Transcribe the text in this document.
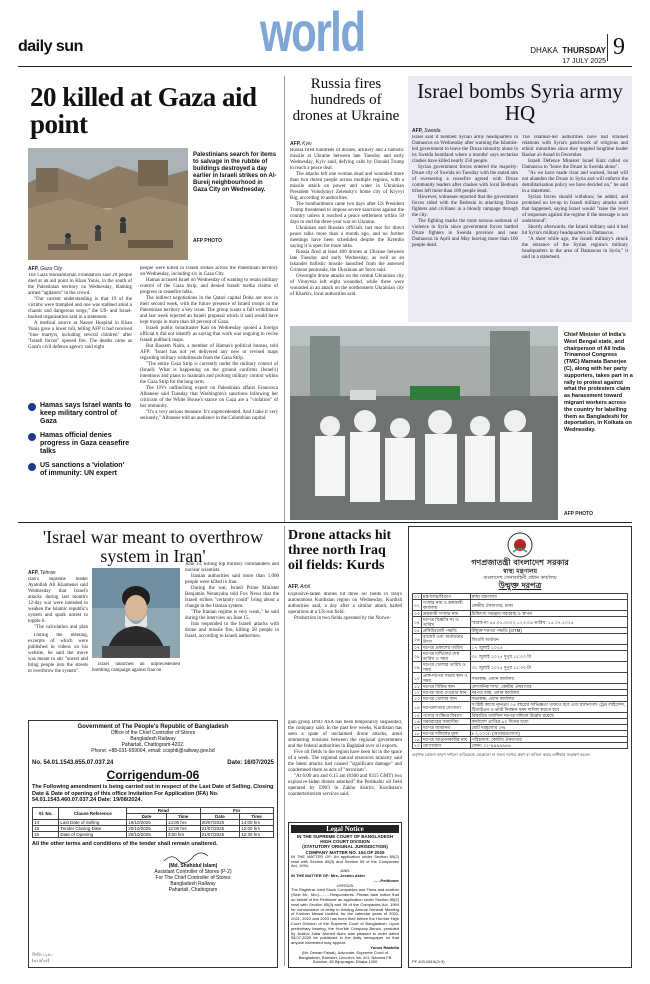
daily sun	world	DHAKA THURSDAY
17 JULY 2025
9
20 killed at Gaza aid point
Palestinians search for items to salvage in the rubble of buildings destroyed a day earlier in Israeli strikes on Al-Bureij neighbourhood in Gaza City on Wednesday.
AFP PHOTO
AFP, Gaza City

The Gaza Humanitarian Foundation said 20 people died at an aid point in Khan Yunis, in the south of the Palestinian territory on Wednesday, blaming armed "agitators" in the crowd.

"Our current understanding is that 19 of the victims were trampled and one was stabbed amid a chaotic and dangerous surge," the US- and Israel-backed organisation said in a statement.

A medical source at Nasser Hospital in Khan Yunis gave a lower toll, telling AFP it had received "nine martyrs, including several children" after "Israeli forces" opened fire. The deaths came as Gaza's civil defence agency said eight

Hamas says Israel wants to keep military control of Gaza
Hamas official denies progress in Gaza ceasefire talks
US sanctions a 'violation' of immunity: UN expert

people were killed in Israeli strikes across the Palestinian territory on Wednesday, including six in Gaza City.

Hamas accused Israel on Wednesday of wanting to retain military control of the Gaza Strip, and denied Israeli media claims of progress in ceasefire talks.

The indirect negotiations in the Qatari capital Doha are now in their second week, with the future presence of Israeli troops in the Palestinian territory a key issue. The group wants a full withdrawal and last week rejected an Israeli proposal which it said would have kept troops in more than 40 percent of Gaza.

Israeli public broadcaster Kan on Wednesday quoted a foreign official it did not identify as saying that work was ongoing to revise Israeli pullback maps.

But Bassem Naim, a member of Hamas's political bureau, told AFP: "Israel has not yet delivered any new or revised maps regarding military withdrawals from the Gaza Strip.

"The entire Gaza Strip is currently under the military control of (Israel). What is happening on the ground confirms (Israel's) intentions and plans to maintain and prolong military control within the Gaza Strip for the long term.

The UN's unflinching expert on Palestinian affairs Francesca Albanese said Tuesday that Washington's sanctions following her criticism of the White House's stance on Gaza are a "violation" of her immunity.

"It's a very serious measure. It's unprecedented. And I take it very seriously," Albanese told an audience in the Colombian capital.

Russia fires hundreds of drones at Ukraine
AFP, Kyiv

Russia fired hundreds of drones, artillery and a ballistic missile at Ukraine between late Tuesday and early Wednesday, Kyiv said, defying calls by Donald Trump to reach a peace deal.

The attacks left one woman dead and wounded more than two dozen people across multiple regions, with a missile attack on power and water in Ukrainian President Volodymyr Zelensky's home city of Kryvyi Rig, according to authorities.

The bombardment came two days after US President Trump threatened to impose severe sanctions against the country unless it reached a peace settlement within 50 days to end the three-year war on Ukraine.

Ukrainian and Russian officials last met for direct peace talks more than a month ago, and no further meetings have been scheduled despite the Kremlin saying it is open for more talks.

Russia fired at least 400 drones at Ukraine between late Tuesday and early Wednesday, as well as an Iskander ballistic missile launched from the annexed Crimean peninsula, the Ukrainian air force said.

Overnight drone attacks on the central Ukrainian city of Vinnytsia left eight wounded, while three were wounded in an attack on the northeastern Ukrainian city of Kharkiv, local authorities said.

Israel bombs Syria army HQ
AFP, Sweida

Israel said it bombed Syrian army headquarters in Damascus on Wednesday after warning the Islamist-led government to leave the Druze minority alone in its Sweida heartland where a months' says sectarian clashes have killed nearly 250 people.

Syrian government forces entered the majority-Druze city of Sweida on Tuesday with the stated aim of overseeing a ceasefire agreed with Druze community leaders after clashes with local Bedouin tribes left more than 100 people dead.

However, witnesses reported that the government forces sided with the Bedouin in attacking Druze fighters and civilians in a bloody rampage through the city.

The fighting marks the most serious outbreak of violence in Syria since government forces battled Druze fighters in Sweida province and near Damascus in April and May leaving more than 100 people dead.

The Islamist-led authorities have had strained relations with Syria's patchwork of religious and ethnic minorities since they toppled longtime leader Bashar al-Assad in December.

Israeli Defence Minister Israel Katz called on Damascus to "leave the Druze in Sweida alone".

"As we have made clear and warned, Israel will not abandon the Druze in Syria and will enforce the demilitarisation policy we have decided on," he said in a statement.

Syrian forces should withdraw, he added, and promised no let-up in Israeli military attacks until that happened, saying Israel would "raise the level of responses against the regime if the message is not understood".

Shortly afterwards, the Israeli military said it had hit Syria's military headquarters in Damascus.

"A short while ago, the Israeli military's struck the entrance of the Syrian regime's military headquarters in the area of Damascus in Syria," it said in a statement.

Chief Minister of India's West Bengal state, and chairperson of All India Trinamool Congress (TMC) Mamata Banerjee (C), along with her party supporters, takes part in a rally to protest against what the protesters claim as harassment toward migrant workers across the country for labelling them as Bangladeshi for deportation, in Kolkata on Wednesday.
AFP PHOTO
'Israel war meant to overthrow system in Iran'
AFP, Tehran

Iran's supreme leader Ayatollah Ali Khamenei said Wednesday that Israel's attacks during last month's 12-day war were intended to weaken the Islamic republic's system and spark unrest to topple it.

"The calculation and plan

During the meeting, excerpts of which were published in videos on his website, he said the move was meant to stir "unrest and bring people into the streets to overthrow the system".

Israel launched an unprecedented bombing campaign against Iran on

June 13, killing top military commanders and nuclear scientists.

Iranian authorities said more than 1,000 people were killed in Iran.

During the war, Israeli Prime Minister Benjamin Netanyahu told Fox News that the Israeli strikes "certainly could" bring about a change in the Iranian system.

"The Iranian regime is very weak," he said during the interview on June 15.

Iran responded to the Israeli attacks with drone and missile fire, killing 28 people in Israel, according to Israeli authorities.

Drone attacks hit three north Iraq oil fields: Kurds
AFP, Arbil

Explosive-laden drones hit three oil fields in Iraq's autonomous Kurdistan region on Wednesday, Kurdish authorities said, a day after a similar attack halted operations at a US-run field.

Production in two fields operated by the Norwe-

gian group DNO ASA has been temporarily suspended, the company said. In the past few weeks, Kurdistan has seen a spate of unclaimed drone attacks, amid simmering tensions between the regional government and the federal authorities in Baghdad over oil exports.

Five oil fields in the region have been hit in the space of a week. The regional natural resources ministry said the latest attacks had caused "significant damage" and condemned them as acts of "terrorism".

"At 6:00 am and 6:15 am (0300 and 0315 GMT) two explosive-laden drones attacked" the Peshkabir oil field operated by DNO in Zakho district, Kurdistan's counterterrorism services said.

Government of The People's Republic of Bangladesh
Office of the Chief Controller of Stores
Bangladesh Railway
Pahartali, Chattogram-4202.
Phone: +88-031-659004, email: ccsphtl@railway.gov.bd
No. 54.01.1543.655.07.037.24	Date: 16/07/2025
Corrigendum-06
The Following amendment is being carried out in respect of the Last Date of Selling, Closing Date & Date of opening of this office Invitation For Application (IFA) No. 54.01.1543.460.07.037.24 Date: 19/08/2024.
Sl. No.	Clause Reference	Read		For	
		Date	Time	Date	Time
14	Last Date of Selling	19/10/2025	14:00 hrs	20/07/2025	14:00 hrs
15	Tender Closing Date	20/10/2025	12:00 hrs	21/07/2025	12:00 hrs
16	Date of Opening	20/10/2025	3:00 hrs	21/07/2025	12:30 hrs
All the other terms and conditions of the tender shall remain unaltered.
(Md. Shahidul Islam)
Assistant Controller of Stores (P-2)
For The Chief Controller of Stores
Bangladesh Railway
Pahartali, Chattogram
জিডি-১২৫০
(৩২৫/২৫)
Legal Notice
IN THE SUPREME COURT OF BANGLADESH
HIGH COURT DIVISION
(STATUTORY ORIGINAL JURISDICTION)
COMPANY MATTER NO. 104 OF 2025
IN THE MATTER OF: An application under Section 85(2) read with Section 85(3) and Section 99 of the Companies Act, 1994.
-AND-
IN THE MATTER OF: Mrs. Jesmin Akter
......Petitioner
-VERSUS-
The Registrar Joint Stock Companies and Firms and another (Sear Mr., Md.)..........Respondents. Please take notice that on behalf of the Petitioner an application under Section 85(2) read with Section 85(3) and 99 of the Companies Act, 1994 for condonation of delay in holding Annual General Meeting of Kushan Mewal Limited, for the calendar years of 2020, 2021, 2022 and 2023 has been filed before the Hon'ble High Court Division of the Supreme Court of Bangladesh. Upon preliminary hearing, the Hon'ble Company Bench, presided by Justice Zafar Ahmed Alam was pleased to order dated 08.07.2025 be published in the daily newspaper so that anyone interested may appear.
Yunus Rabbilla
(Mr. Dewan Faisal), Advocate, Supreme Court of Bangladesh, Barrister, Lincoln's Inn, A/1, Navana FB Solarise, 65 Bijoynagar, Dhaka 1000
গণপ্রজাতন্ত্রী বাংলাদেশ সরকার
স্বাস্থ্য মন্ত্রণালয়
বাংলাদেশ সেনাবাহিনী প্রধান কার্যালয়
উন্মুক্ত দরপত্র
০১	মন্ত্রণালয়/বিভাগ	স্বাস্থ্য মন্ত্রণালয়
০২	সংস্থার নাম ও ক্রয়কারী কার্যালয়	কেন্দ্রীয় ঔষধাগার, ঢাকা
০৩	ক্রয়কারী সংস্থার নাম	চিকিৎসা সরঞ্জাম সরবরাহ ও স্থাপন
০৪	দরপত্র বিজ্ঞপ্তি নং ও তারিখ	স্মারক নং ৪৫.০১.০০০০.১২৩.০৬ তারিখ: ১৫.০৭.২০২৫
০৫	প্রকিউরমেন্ট পদ্ধতি	উন্মুক্ত দরপত্র পদ্ধতি (OTM)
০৬	বাজেট এবং অর্থায়নের উৎস	জিওবি অর্থায়ন
০৭	দরপত্র প্রকাশের তারিখ	১৭ জুলাই ২০২৫
০৮	দরপত্র দাখিলের শেষ তারিখ ও সময়	৩১ জুলাই ২০২৫ দুপুর ১২:০০ টা
০৯	দরপত্র খোলার তারিখ ও সময়	৩১ জুলাই ২০২৫ দুপুর ১২:৩০ টা
১০	প্রাক-দরপত্র সভার স্থান ও সময়	সভাকক্ষ, প্রধান কার্যালয়
১১	দরপত্র বিক্রির স্থান	প্রশাসনিক শাখা, কেন্দ্রীয় ঔষধাগার
১২	দরপত্র জমা দেওয়ার স্থান	দরপত্র বাক্স, প্রধান কার্যালয়
১৩	দরপত্র খোলার স্থান	সভাকক্ষ, প্রধান কার্যালয়
১৪	দরপত্রদাতার যোগ্যতা	সংশ্লিষ্ট কাজে ন্যূনতম ০৫ বছরের অভিজ্ঞতা থাকতে হবে এবং হালনাগাদ ট্রেড লাইসেন্স, টিআইএন ও ভ্যাট নিবন্ধন সনদ দাখিল করতে হবে
১৫	পণ্যের সংক্ষিপ্ত বিবরণ	বিস্তারিত তফসিল দরপত্র দলিলে উল্লেখ রয়েছে
১৬	সরবরাহের সময়সীমা	কার্যাদেশ প্রাপ্তির ৬০ দিনের মধ্যে
১৭	দরপত্র জামানত	মোট দরমূল্যের ২%
১৮	দরপত্র দলিলের মূল্য	৳ ২,০০০/- (অফেরতযোগ্য)
১৯	দরপত্র আহ্বানকারীর নাম	পরিচালক, কেন্দ্রীয় ঔষধাগার
২০	যোগাযোগ	ফোন: ০২-৯৯৯৯৯৯৯
কর্তৃপক্ষ কোনো কারণ দর্শানো ব্যতিরেকে যেকোনো বা সকল দরপত্র গ্রহণ বা বাতিল করার অধিকার সংরক্ষণ করেন।
PF 403-5615(2+3)
